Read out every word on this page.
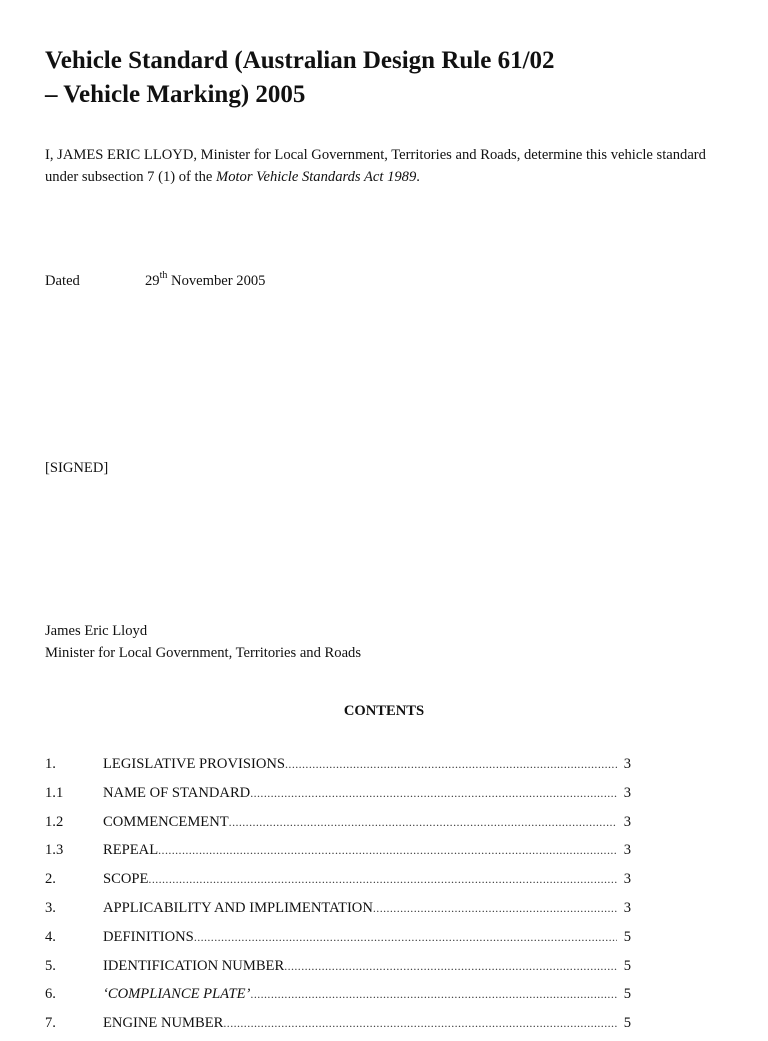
Vehicle Standard (Australian Design Rule 61/02
– Vehicle Marking) 2005

I, JAMES ERIC LLOYD, Minister for Local Government, Territories and Roads, determine this vehicle standard under subsection 7 (1) of the Motor Vehicle Standards Act 1989.

Dated	29th November 2005
[SIGNED]
James Eric Lloyd
Minister for Local Government, Territories and Roads
CONTENTS
1.	LEGISLATIVE PROVISIONS .....	3
1.1	NAME OF STANDARD .....	3
1.2	COMMENCEMENT .....	3
1.3	REPEAL .....	3
2.	SCOPE .....	3
3.	APPLICABILITY AND IMPLIMENTATION .....	3
4.	DEFINITIONS .....	5
5.	IDENTIFICATION NUMBER .....	5
6.	‘COMPLIANCE PLATE’ .....	5
7.	ENGINE NUMBER .....	5
